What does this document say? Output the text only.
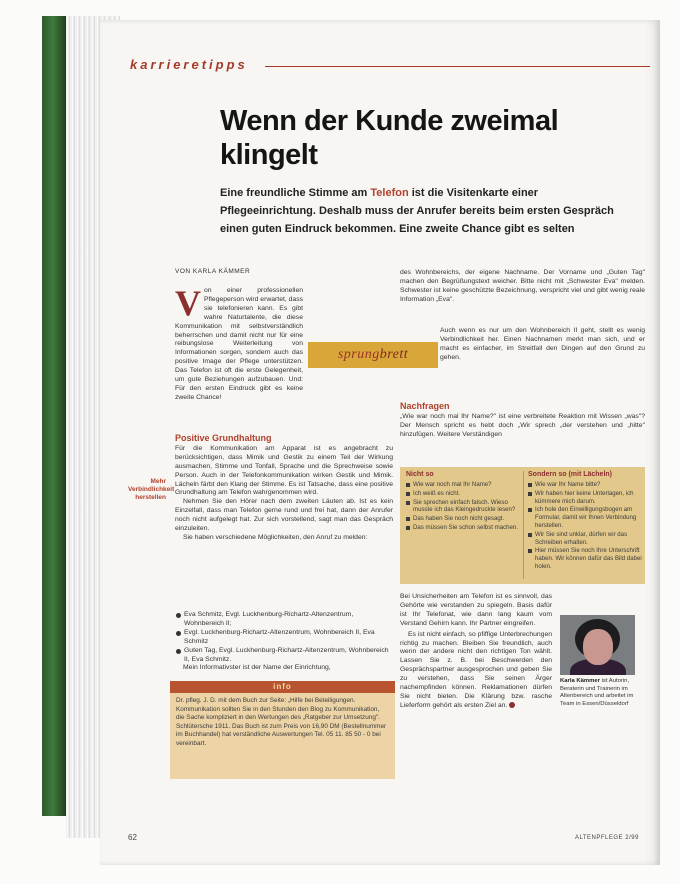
karrieretipps
Wenn der Kunde zweimal klingelt
Eine freundliche Stimme am Telefon ist die Visitenkarte einer Pflegeeinrichtung. Deshalb muss der Anrufer bereits beim ersten Gespräch einen guten Eindruck bekommen. Eine zweite Chance gibt es selten
VON KARLA KÄMMER
V on einer professionellen Pflegeperson wird erwartet, dass sie telefonieren kann. Es gibt wahre Naturtalente, die diese Kommunikation mit selbstverständlich beherrschen und damit nicht nur für eine reibungslose Weiterleitung von Informationen sorgen, sondern auch das positive Image der Pflege unterstützen. Das Telefon ist oft die erste Gelegenheit, um gute Beziehungen aufzubauen. Und: Für den ersten Eindruck gibt es keine zweite Chance!

Positive Grundhaltung

Für die Kommunikation am Apparat ist es angebracht zu berücksichtigen, dass Mimik und Gestik zu einem Teil der Wirkung ausmachen, Stimme und Tonfall, Sprache und die Sprechweise sowie Person. Auch in der Telefonkommunikation wirken Gestik und Mimik. Lächeln färbt den Klang der Stimme. Es ist Tatsache, dass eine positive Grundhaltung am Telefon wahrgenommen wird.

Nehmen Sie den Hörer nach dem zweiten Läuten ab. Ist es kein Einzelfall, dass man Telefon gerne rund und frei hat, dann der Anrufer noch nicht aufgelegt hat. Zur sich vorstellend, sagt man das Gespräch einzuleiten.

Sie haben verschiedene Möglichkeiten, den Anruf zu melden:

Eva Schmitz, Evgl. Luckhenburg-Richartz-Altenzentrum, Wohnbereich II;
Evgl. Luckhenburg-Richartz-Altenzentrum, Wohnbereich II, Eva Schmitz
Guten Tag, Evgl. Luckhenburg-Richartz-Altenzentrum, Wohnbereich II, Eva Schmitz.
Mein Informativster ist der Name der Einrichtung,
Mehr Verbindlichkeit herstellen
sprung brett

des Wohnbereichs, der eigene Nachname. Der Vorname und „Guten Tag" machen den Begrüßungstext weicher. Bitte nicht mit „Schwester Eva" melden. Schwester ist keine geschützte Bezeichnung, verspricht viel und gibt wenig reale Information „Eva".

Auch wenn es nur um den Wohnbereich II geht, stellt es wenig Verbindlichkeit her. Einen Nachnamen merkt man sich, und er macht es einfacher, im Streitfall den Dingen auf den Grund zu gehen.

Nachfragen

„Wie war noch mal Ihr Name?" ist eine verbreitete Reaktion mit Wissen „was"? Der Mensch spricht es hebt doch „Wir sprech „der verstehen und „hitte" hinzufügen. Weitere Verständigen

Nicht so	Sondern so (mit Lächeln)
Wie war noch mal Ihr Name?
Ich weiß es nicht.
Sie sprechen einfach falsch. Wieso musste ich das Kleingedruckte lesen?
Das haben Sie noch nicht gesagt.
Das müssen Sie schon selbst machen.
Wie war Ihr Name bitte?
Wir haben hier keine Unterlagen, ich kümmere mich darum.
Ich hole den Einwilligungsbogen am Formular, damit wir Ihnen Verbindung herstellen.
Wir Sie sind unklar, dürfen wir das Schreiben erhalten.
Hier müssen Sie noch Ihre Unterschrift haben. Wir können dafür das Bild dabei holen.

Bei Unsicherheiten am Telefon ist es sinnvoll, das Gehörte wie verstanden zu spiegeln. Basis dafür ist Ihr Telefonat, wie dann lang kaum vom Verstand Gehirn kann. Ihr Partner eingreifen.

Es ist nicht einfach, so pfiffige Unterbrechungen richtig zu machen. Bleiben Sie freundlich, auch wenn der andere nicht den richtigen Ton wählt. Lassen Sie z. B. bei Beschwerden den Gesprächspartner ausgesprochen und geben Sie zu verstehen, dass Sie seinen Ärger nachempfinden können. Reklamationen dürfen Sie nicht bieten. Die Klärung bzw. rasche Lieferform gehört als ersten Ziel an.

Karla Kämmer ist Autorin, Beraterin und Trainerin im Altenbereich und arbeitet im Team in Essen/Düsseldorf
info
Dr. pfleg. J. D. mit dem Buch zur Seite: „Hilfe bei Beteiligungen. Kommunikation sollten Sie in den Stunden den Blog zu Kommunikation, die Sache kompliziert in den Wertungen des „Ratgeber zur Umsetzung". Schlütersche 1911. Das Buch ist zum Preis von 16,90 DM (Bestellnummer im Buchhandel) hat verständliche Auswertungen Tel. 05 11. 85 50 - 0 bei vereinbart.
62	ALTENPFLEGE 2/99
